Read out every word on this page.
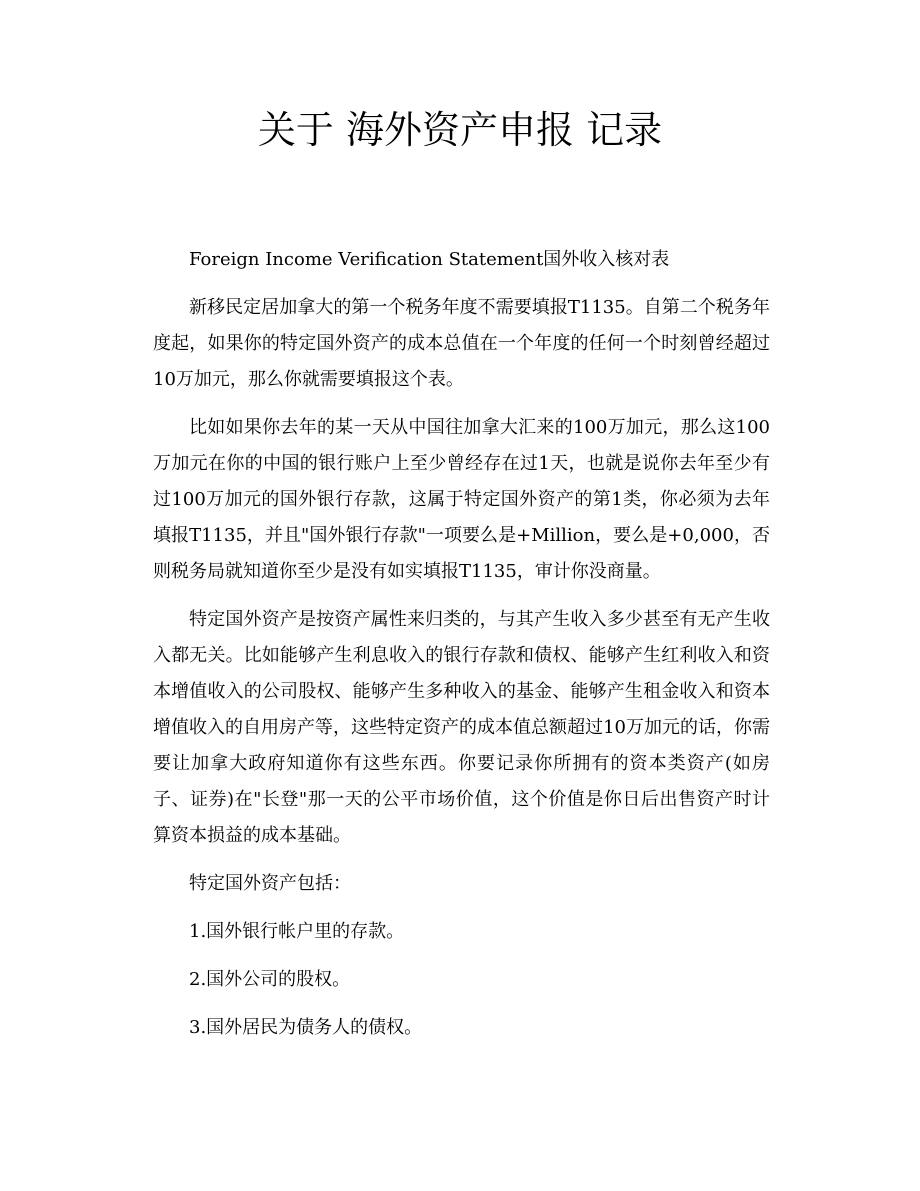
关于 海外资产申报 记录

Foreign Income Verification Statement国外收入核对表

新移民定居加拿大的第一个税务年度不需要填报T1135。自第二个税务年度起，如果你的特定国外资产的成本总值在一个年度的任何一个时刻曾经超过10万加元，那么你就需要填报这个表。

比如如果你去年的某一天从中国往加拿大汇来的100万加元，那么这100万加元在你的中国的银行账户上至少曾经存在过1天，也就是说你去年至少有过100万加元的国外银行存款，这属于特定国外资产的第1类，你必须为去年填报T1135，并且"国外银行存款"一项要么是+Million，要么是+0,000，否则税务局就知道你至少是没有如实填报T1135，审计你没商量。

特定国外资产是按资产属性来归类的，与其产生收入多少甚至有无产生收入都无关。比如能够产生利息收入的银行存款和债权、能够产生红利收入和资本增值收入的公司股权、能够产生多种收入的基金、能够产生租金收入和资本增值收入的自用房产等，这些特定资产的成本值总额超过10万加元的话，你需要让加拿大政府知道你有这些东西。你要记录你所拥有的资本类资产(如房子、证券)在"长登"那一天的公平市场价值，这个价值是你日后出售资产时计算资本损益的成本基础。

特定国外资产包括：

1.国外银行帐户里的存款。

2.国外公司的股权。

3.国外居民为债务人的债权。
